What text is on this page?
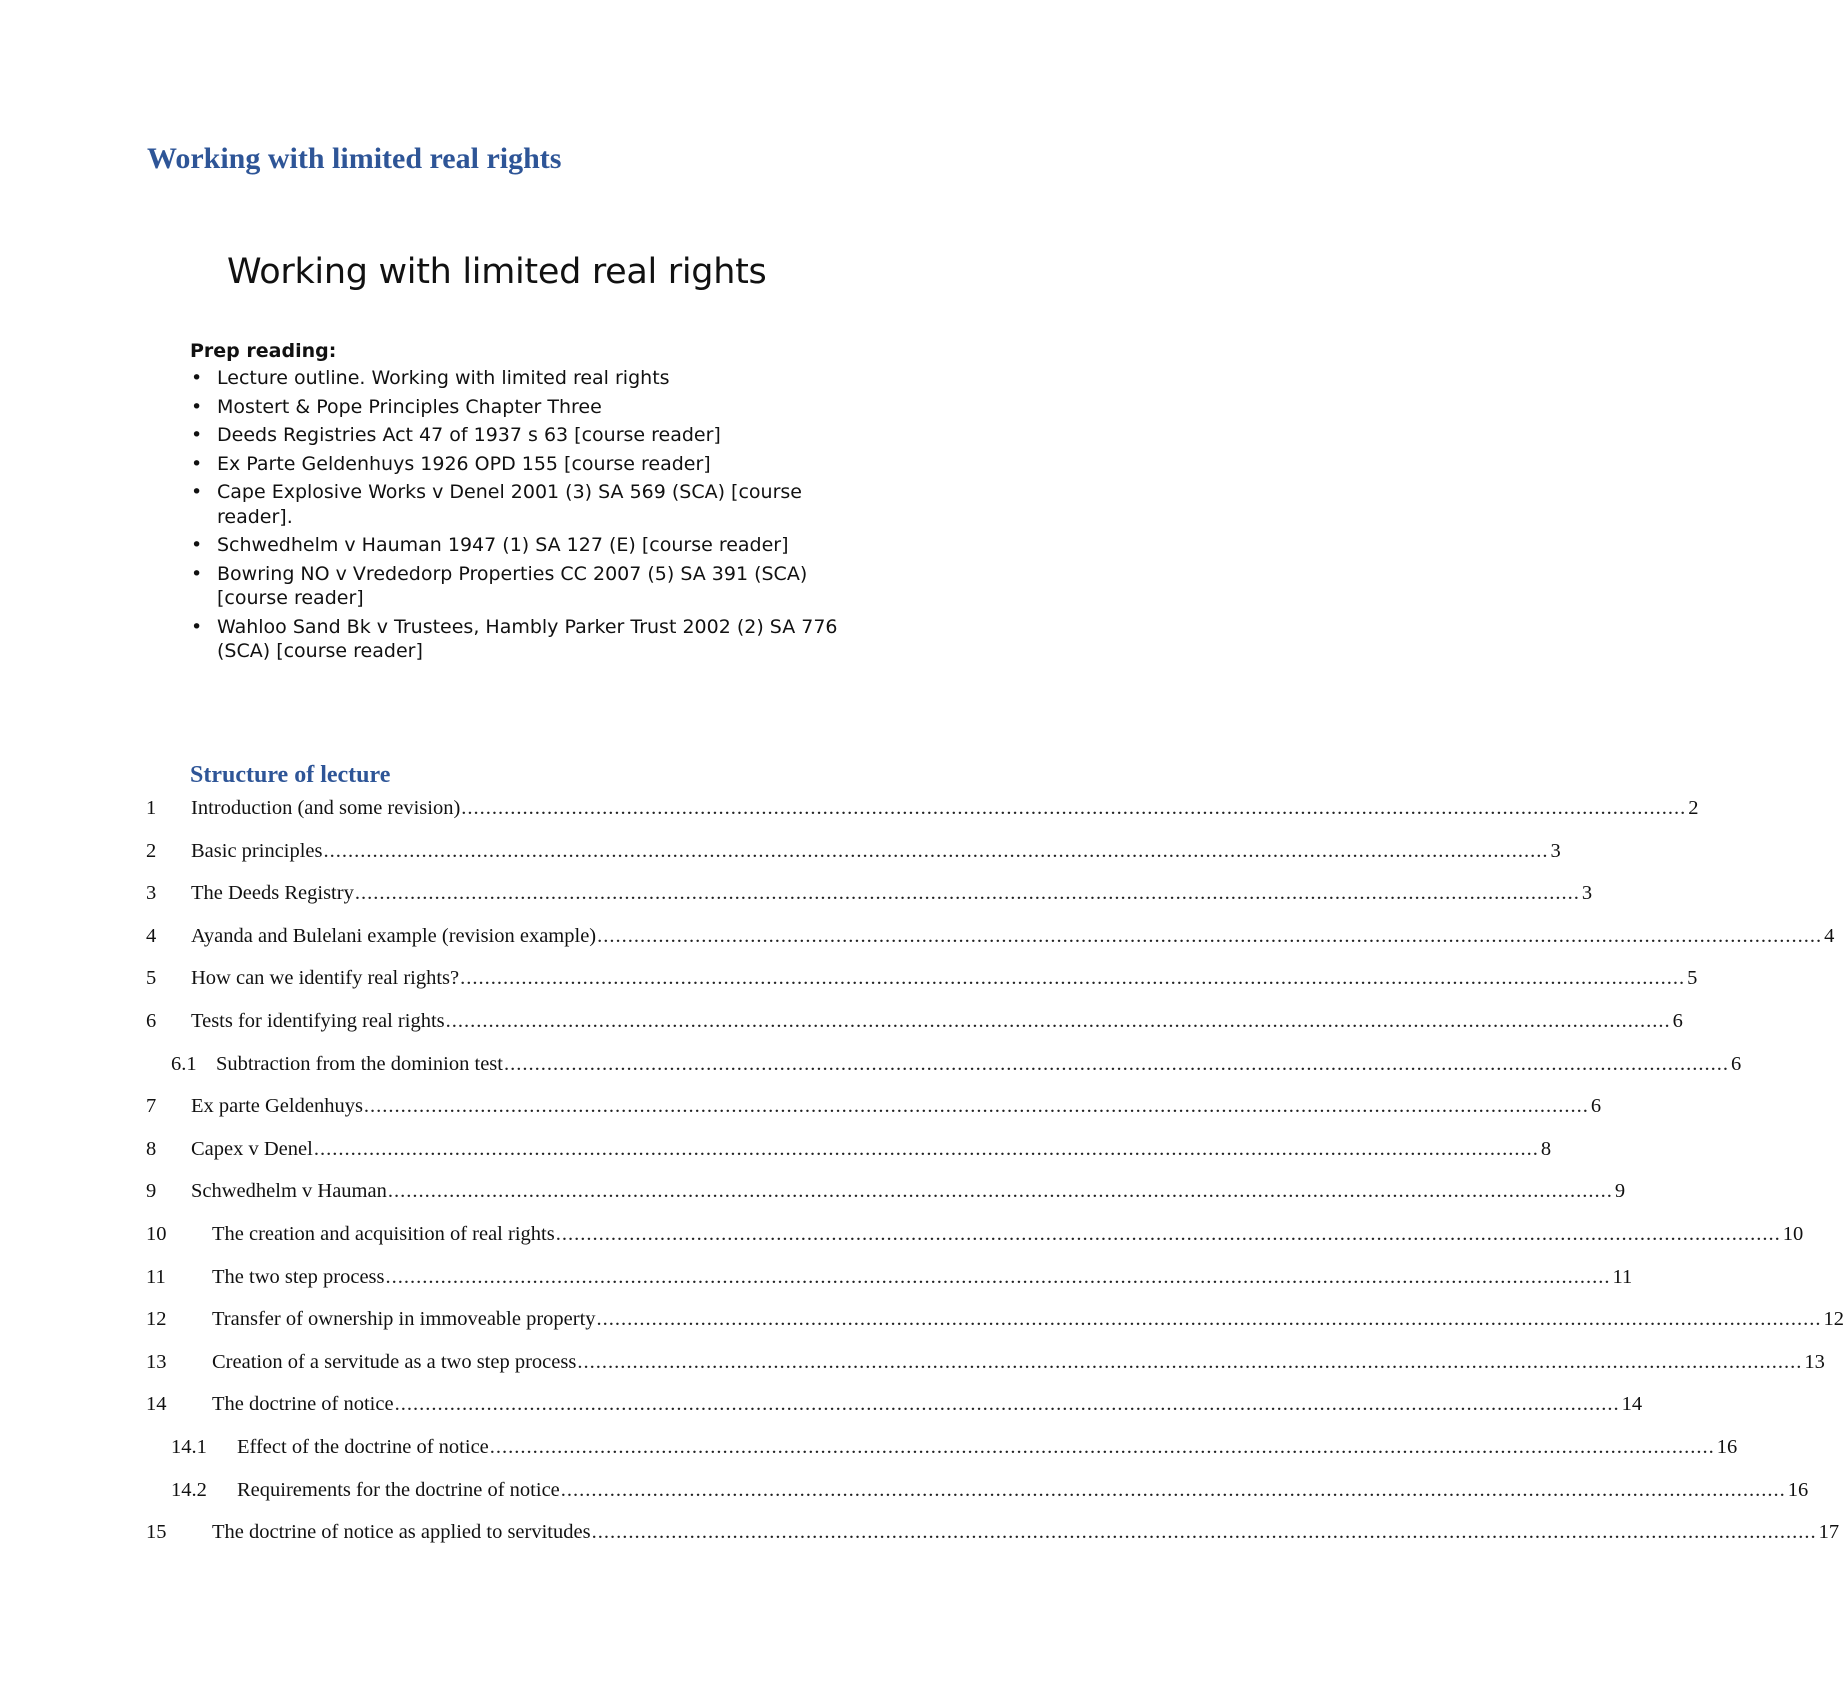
Working with limited real rights
Working with limited real rights
Prep reading:
• Lecture outline. Working with limited real rights
• Mostert & Pope Principles Chapter Three
• Deeds Registries Act 47 of 1937 s 63 [course reader]
• Ex Parte Geldenhuys 1926 OPD 155 [course reader]
• Cape Explosive Works v Denel 2001 (3) SA 569 (SCA) [course reader].
• Schwedhelm v Hauman 1947 (1) SA 127 (E) [course reader]
• Bowring NO v Vrededorp Properties CC 2007 (5) SA 391 (SCA) [course reader]
• Wahloo Sand Bk v Trustees, Hambly Parker Trust 2002 (2) SA 776 (SCA) [course reader]
Structure of lecture
1 Introduction (and some revision) ........................................................................................................................................................................................................ 2
2 Basic principles ........................................................................................................................................................................................................ 3
3 The Deeds Registry ........................................................................................................................................................................................................ 3
4 Ayanda and Bulelani example (revision example) ........................................................................................................................................................................................................ 4
5 How can we identify real rights? ........................................................................................................................................................................................................ 5
6 Tests for identifying real rights ........................................................................................................................................................................................................ 6
6.1 Subtraction from the dominion test ........................................................................................................................................................................................................ 6
7 Ex parte Geldenhuys ........................................................................................................................................................................................................ 6
8 Capex v Denel ........................................................................................................................................................................................................ 8
9 Schwedhelm v Hauman ........................................................................................................................................................................................................ 9
10 The creation and acquisition of real rights ........................................................................................................................................................................................................ 10
11 The two step process ........................................................................................................................................................................................................ 11
12 Transfer of ownership in immoveable property ........................................................................................................................................................................................................ 12
13 Creation of a servitude as a two step process ........................................................................................................................................................................................................ 13
14 The doctrine of notice ........................................................................................................................................................................................................ 14
14.1 Effect of the doctrine of notice ........................................................................................................................................................................................................ 16
14.2 Requirements for the doctrine of notice ........................................................................................................................................................................................................ 16
15 The doctrine of notice as applied to servitudes ........................................................................................................................................................................................................ 17
